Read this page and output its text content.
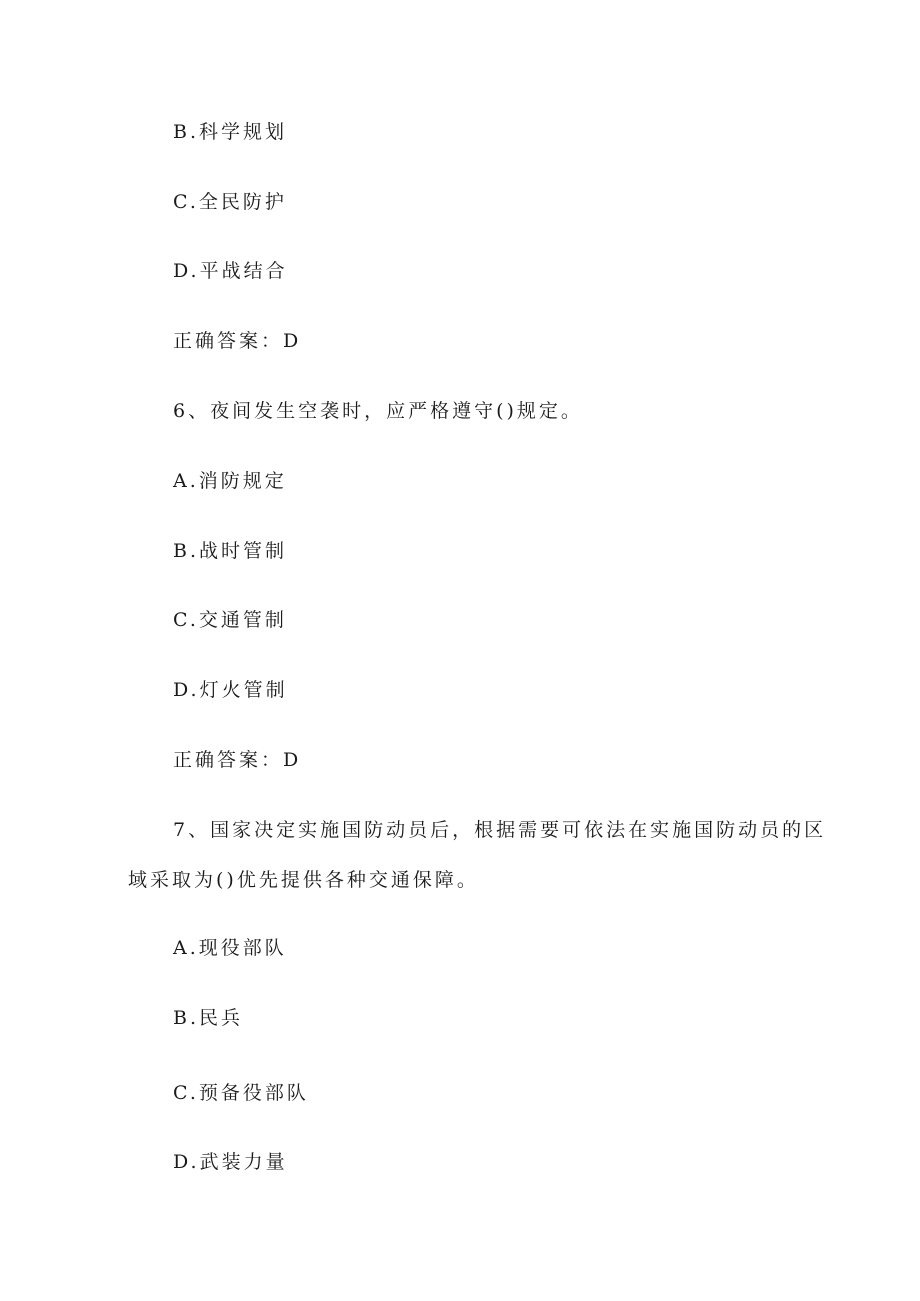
B.科学规划

C.全民防护

D.平战结合

正确答案：D

6、夜间发生空袭时，应严格遵守()规定。

A.消防规定

B.战时管制

C.交通管制

D.灯火管制

正确答案：D

7、国家决定实施国防动员后，根据需要可依法在实施国防动员的区

域采取为()优先提供各种交通保障。

A.现役部队

B.民兵

C.预备役部队

D.武装力量
